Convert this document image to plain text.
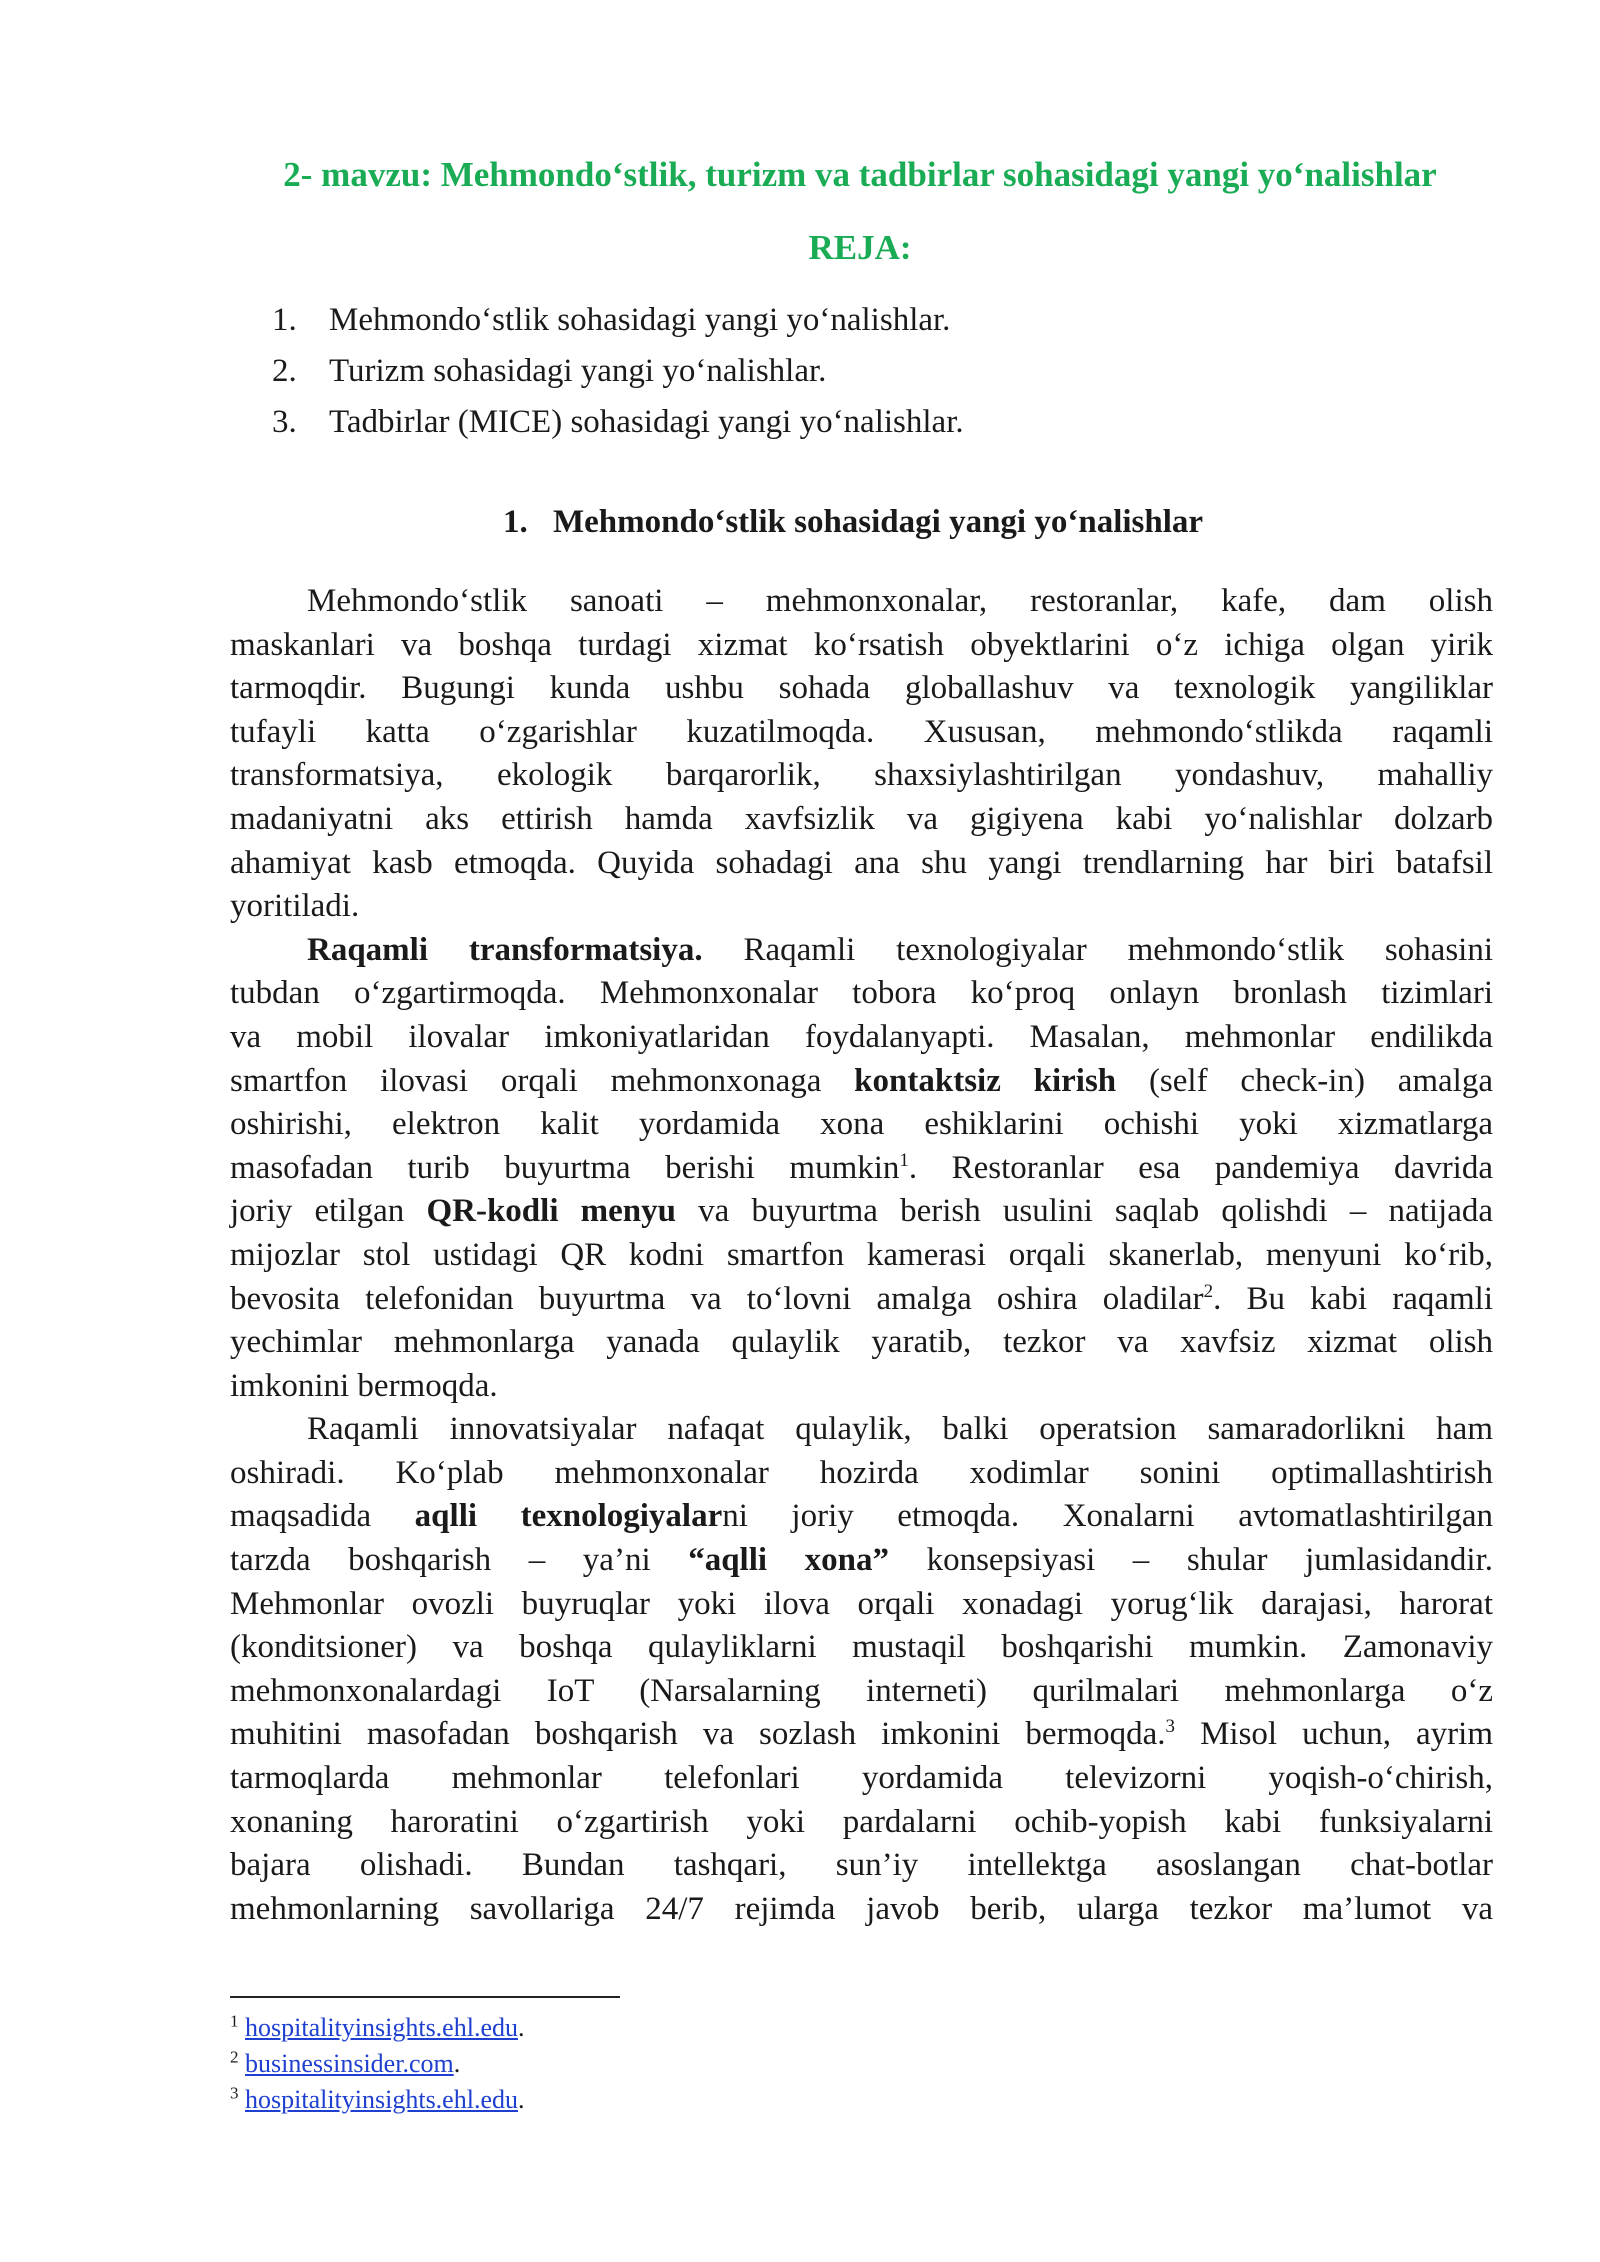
2- mavzu: Mehmondo‘stlik, turizm va tadbirlar sohasidagi yangi yo‘nalishlar
REJA:
1. Mehmondo‘stlik sohasidagi yangi yo‘nalishlar.
2. Turizm sohasidagi yangi yo‘nalishlar.
3. Tadbirlar (MICE) sohasidagi yangi yo‘nalishlar.
1. Mehmondo‘stlik sohasidagi yangi yo‘nalishlar
Mehmondo‘stlik sanoati – mehmonxonalar, restoranlar, kafe, dam olish
maskanlari va boshqa turdagi xizmat ko‘rsatish obyektlarini o‘z ichiga olgan yirik
tarmoqdir. Bugungi kunda ushbu sohada globallashuv va texnologik yangiliklar
tufayli katta o‘zgarishlar kuzatilmoqda. Xususan, mehmondo‘stlikda raqamli
transformatsiya, ekologik barqarorlik, shaxsiylashtirilgan yondashuv, mahalliy
madaniyatni aks ettirish hamda xavfsizlik va gigiyena kabi yo‘nalishlar dolzarb
ahamiyat kasb etmoqda. Quyida sohadagi ana shu yangi trendlarning har biri batafsil
yoritiladi.
Raqamli transformatsiya. Raqamli texnologiyalar mehmondo‘stlik sohasini
tubdan o‘zgartirmoqda. Mehmonxonalar tobora ko‘proq onlayn bronlash tizimlari
va mobil ilovalar imkoniyatlaridan foydalanyapti. Masalan, mehmonlar endilikda
smartfon ilovasi orqali mehmonxonaga kontaktsiz kirish (self check-in) amalga
oshirishi, elektron kalit yordamida xona eshiklarini ochishi yoki xizmatlarga
masofadan turib buyurtma berishi mumkin$^1$. Restoranlar esa pandemiya davrida
joriy etilgan QR-kodli menyu va buyurtma berish usulini saqlab qolishdi – natijada
mijozlar stol ustidagi QR kodni smartfon kamerasi orqali skanerlab, menyuni ko‘rib,
bevosita telefonidan buyurtma va to‘lovni amalga oshira oladilar$^2$. Bu kabi raqamli
yechimlar mehmonlarga yanada qulaylik yaratib, tezkor va xavfsiz xizmat olish
imkonini bermoqda.
Raqamli innovatsiyalar nafaqat qulaylik, balki operatsion samaradorlikni ham
oshiradi. Ko‘plab mehmonxonalar hozirda xodimlar sonini optimallashtirish
maqsadida aqlli texnologiyalarni joriy etmoqda. Xonalarni avtomatlashtirilgan
tarzda boshqarish – ya’ni “aqlli xona” konsepsiyasi – shular jumlasidandir.
Mehmonlar ovozli buyruqlar yoki ilova orqali xonadagi yorug‘lik darajasi, harorat
(konditsioner) va boshqa qulayliklarni mustaqil boshqarishi mumkin. Zamonaviy
mehmonxonalardagi IoT (Narsalarning interneti) qurilmalari mehmonlarga o‘z
muhitini masofadan boshqarish va sozlash imkonini bermoqda.$^3$ Misol uchun, ayrim
tarmoqlarda mehmonlar telefonlari yordamida televizorni yoqish-o‘chirish,
xonaning haroratini o‘zgartirish yoki pardalarni ochib-yopish kabi funksiyalarni
bajara olishadi. Bundan tashqari, sun’iy intellektga asoslangan chat-botlar
mehmonlarning savollariga 24/7 rejimda javob berib, ularga tezkor ma’lumot va
$^1$ hospitalityinsights.ehl.edu.
$^2$ businessinsider.com.
$^3$ hospitalityinsights.ehl.edu.
